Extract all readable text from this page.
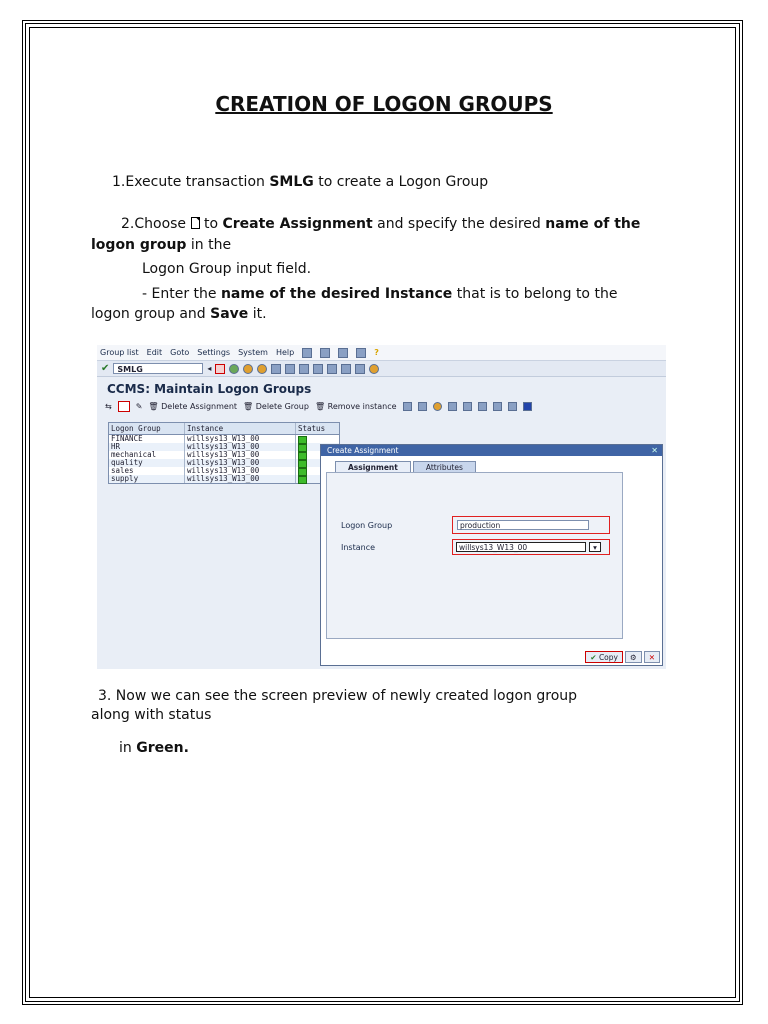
CREATION OF LOGON GROUPS
1.Execute transaction SMLG to create a Logon Group
2.Choose  to Create Assignment and specify the desired name of the logon group in the
Logon Group input field.
- Enter the name of the desired Instance that is to belong to the
logon group and Save it.
Group list Edit Goto Settings System Help	?
✔	SMLG	◂
CCMS: Maintain Logon Groups
⇆	✎ 🗑 Delete Assignment 🗑 Delete Group 🗑 Remove instance
Logon Group	Instance	Status
FINANCE	willsys13_W13_00
HR	willsys13_W13_00
mechanical	willsys13_W13_00
quality	willsys13_W13_00
sales	willsys13_W13_00
supply	willsys13_W13_00
Create Assignment	✕
Assignment	Attributes
Logon Group	production
Instance	willsys13_W13_00	▾
✔ Copy	⚙	✕
3. Now we can see the screen preview of newly created logon group
along with status
in Green.
